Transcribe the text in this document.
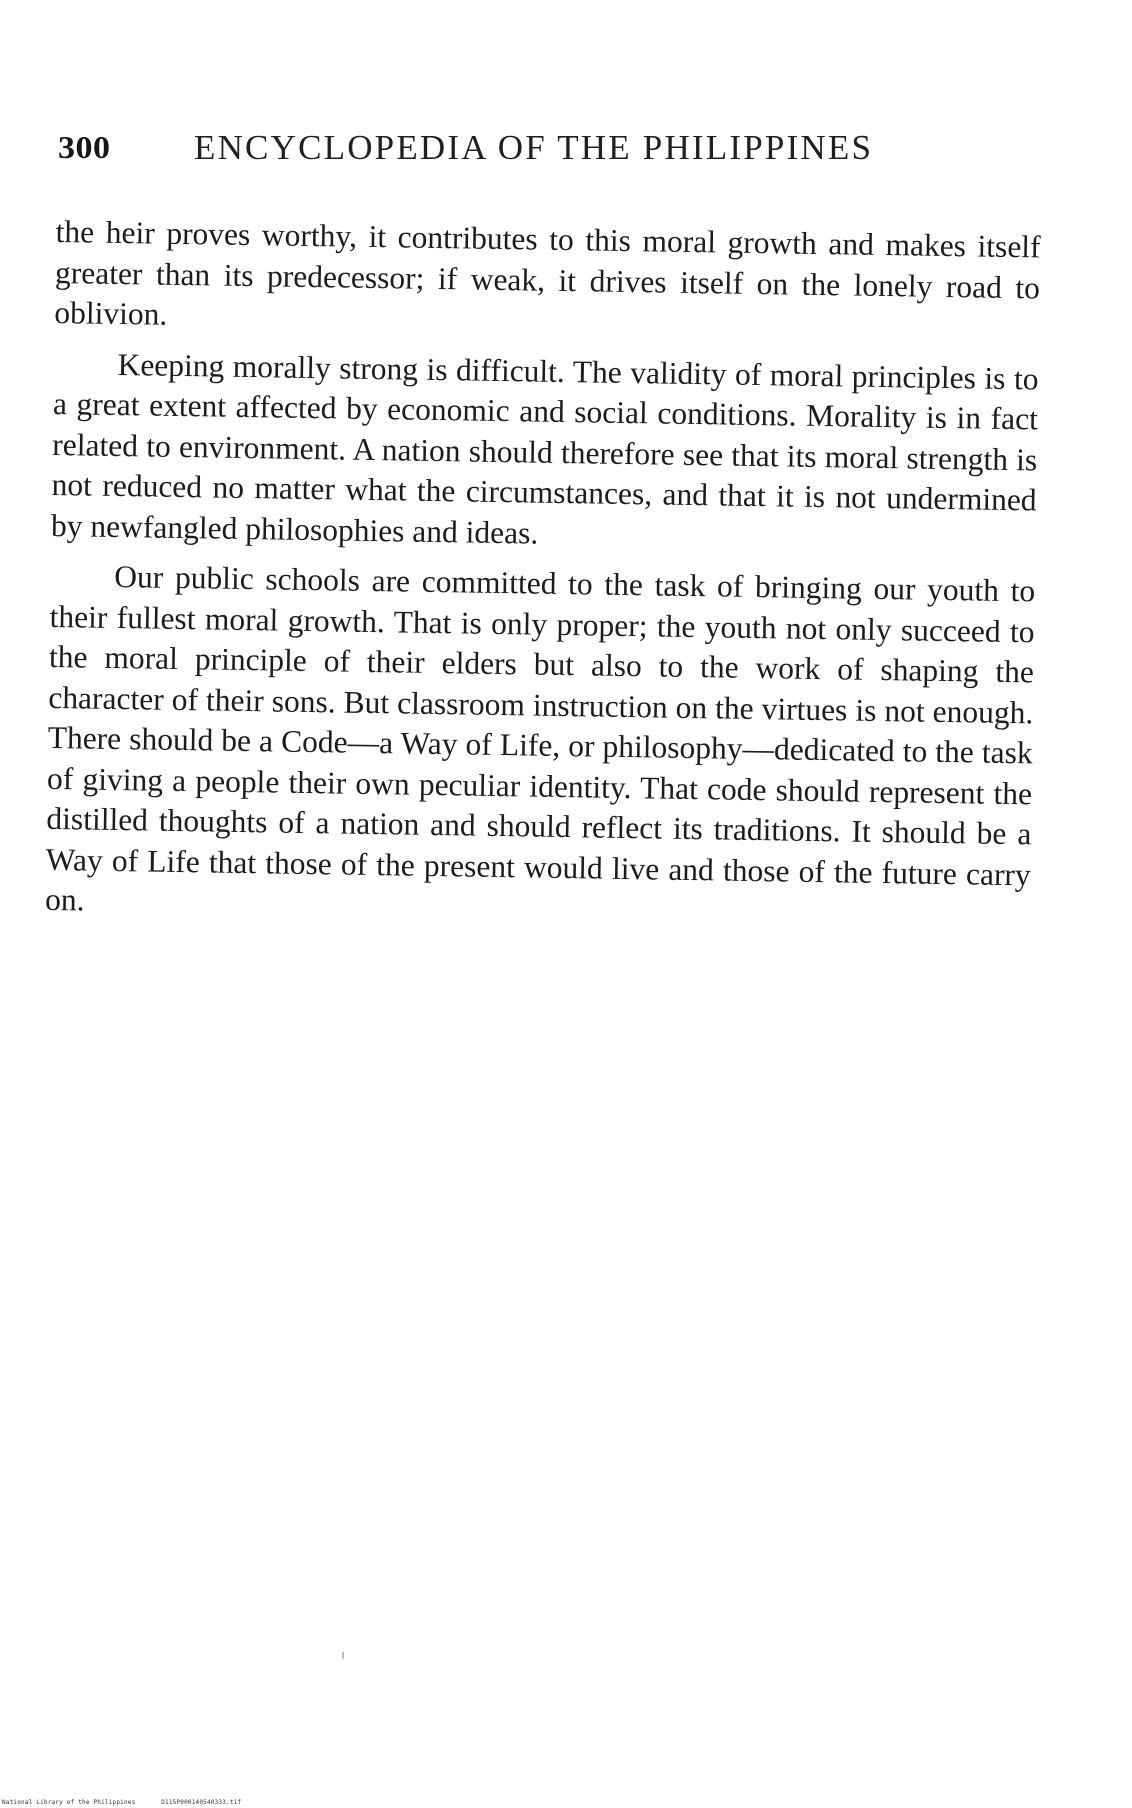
300	ENCYCLOPEDIA OF THE PHILIPPINES

the heir proves worthy, it contributes to this moral growth and makes itself greater than its predecessor; if weak, it drives itself on the lonely road to oblivion.

Keeping morally strong is difficult. The validity of moral principles is to a great extent affected by economic and social conditions. Morality is in fact related to environment. A nation should therefore see that its moral strength is not reduced no matter what the circumstances, and that it is not undermined by newfangled philosophies and ideas.

Our public schools are committed to the task of bringing our youth to their fullest moral growth. That is only proper; the youth not only succeed to the moral principle of their elders but also to the work of shaping the character of their sons. But classroom instruction on the virtues is not enough. There should be a Code—a Way of Life, or philosophy—dedicated to the task of giving a people their own peculiar identity. That code should represent the distilled thoughts of a nation and should reflect its traditions. It should be a Way of Life that those of the present would live and those of the future carry on.

National Library of the Philippines	D115P000140540333.tif
